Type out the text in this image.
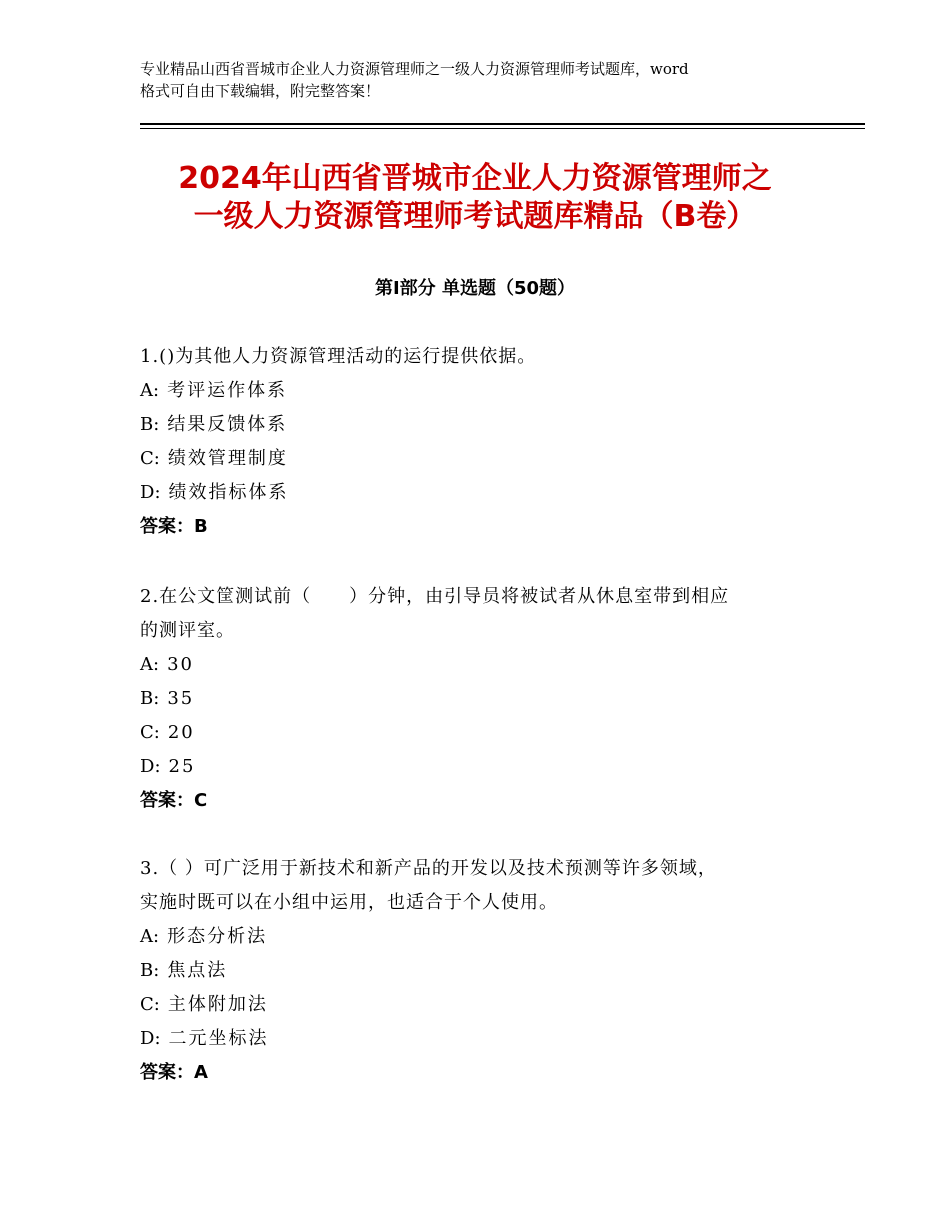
专业精品山西省晋城市企业人力资源管理师之一级人力资源管理师考试题库，word
格式可自由下载编辑，附完整答案！
2024年山西省晋城市企业人力资源管理师之
一级人力资源管理师考试题库精品（B卷）
第Ⅰ部分 单选题（50题）

1.()为其他人力资源管理活动的运行提供依据。

A: 考评运作体系

B: 结果反馈体系

C: 绩效管理制度

D: 绩效指标体系

答案：B

2.在公文筐测试前（　　）分钟，由引导员将被试者从休息室带到相应
的测评室。

A: 30

B: 35

C: 20

D: 25

答案：C

3.（ ）可广泛用于新技术和新产品的开发以及技术预测等许多领域，
实施时既可以在小组中运用，也适合于个人使用。

A: 形态分析法

B: 焦点法

C: 主体附加法

D: 二元坐标法

答案：A
